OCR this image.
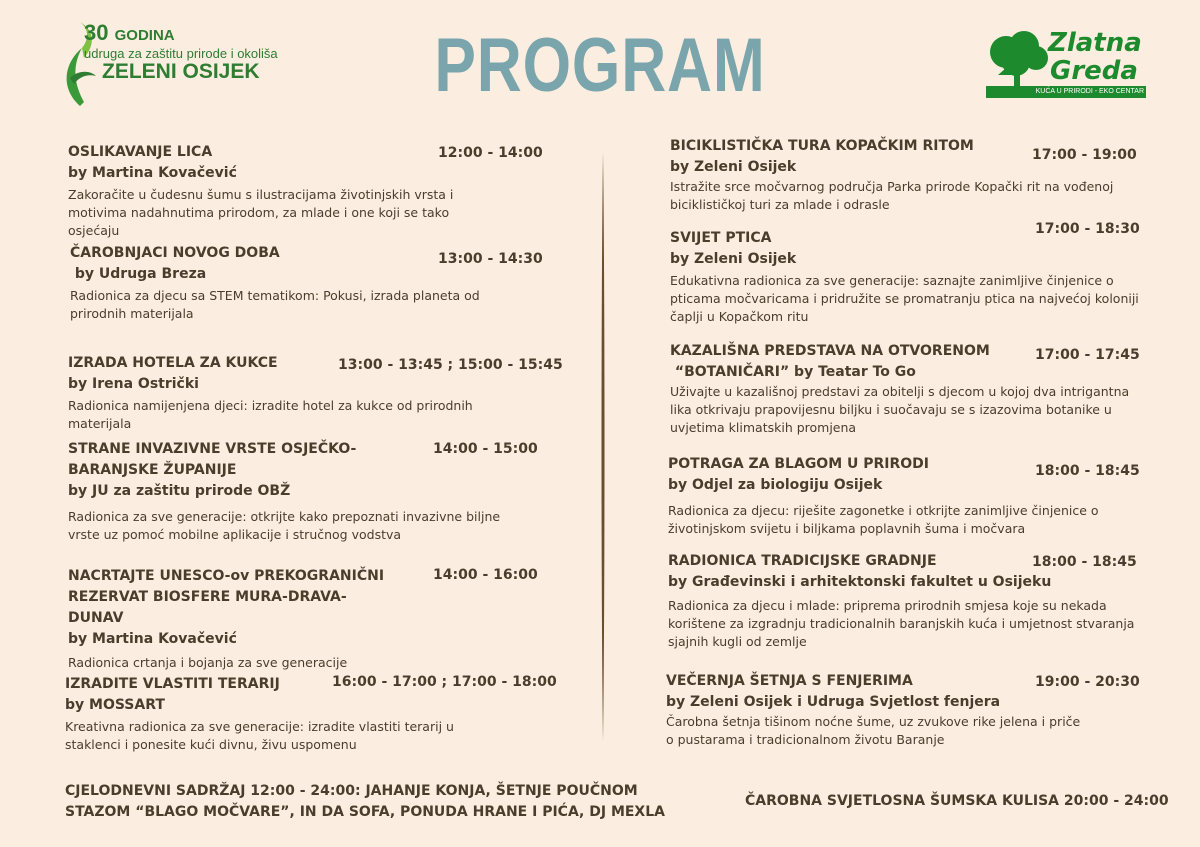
30 GODINA
udruga za zaštitu prirode i okoliša
ZELENI OSIJEK	PROGRAM	Zlatna
Greda
KUĆA U PRIRODI - EKO CENTAR
OSLIKAVANJE LICA
by Martina Kovačević
Zakoračite u čudesnu šumu s ilustracijama životinjskih vrsta i motivima nadahnutima prirodom, za mlade i one koji se tako osjećaju
12:00 - 14:00
ČAROBNJACI NOVOG DOBA
by Udruga Breza
Radionica za djecu sa STEM tematikom: Pokusi, izrada planeta od prirodnih materijala
13:00 - 14:30
IZRADA HOTELA ZA KUKCE
by Irena Ostrički
Radionica namijenjena djeci: izradite hotel za kukce od prirodnih materijala
13:00 - 13:45 ; 15:00 - 15:45
STRANE INVAZIVNE VRSTE OSJEČKO-BARANJSKE ŽUPANIJE
by JU za zaštitu prirode OBŽ
Radionica za sve generacije: otkrijte kako prepoznati invazivne biljne vrste uz pomoć mobilne aplikacije i stručnog vodstva
14:00 - 15:00
NACRTAJTE UNESCO-ov PREKOGRANIČNI REZERVAT BIOSFERE MURA-DRAVA-DUNAV
by Martina Kovačević
Radionica crtanja i bojanja za sve generacije
14:00 - 16:00
IZRADITE VLASTITI TERARIJ
by MOSSART
Kreativna radionica za sve generacije: izradite vlastiti terarij u staklenci i ponesite kući divnu, živu uspomenu
16:00 - 17:00 ; 17:00 - 18:00
BICIKLISTIČKA TURA KOPAČKIM RITOM
by Zeleni Osijek
Istražite srce močvarnog područja Parka prirode Kopački rit na vođenoj biciklističkoj turi za mlade i odrasle
17:00 - 19:00
SVIJET PTICA
by Zeleni Osijek
Edukativna radionica za sve generacije: saznajte zanimljive činjenice o pticama močvaricama i pridružite se promatranju ptica na najvećoj koloniji čaplji u Kopačkom ritu
17:00 - 18:30
KAZALIŠNA PREDSTAVA NA OTVORENOM
“BOTANIČARI” by Teatar To Go
Uživajte u kazališnoj predstavi za obitelji s djecom u kojoj dva intrigantna lika otkrivaju prapovijesnu biljku i suočavaju se s izazovima botanike u uvjetima klimatskih promjena
17:00 - 17:45
POTRAGA ZA BLAGOM U PRIRODI
by Odjel za biologiju Osijek
Radionica za djecu: riješite zagonetke i otkrijte zanimljive činjenice o životinjskom svijetu i biljkama poplavnih šuma i močvara
18:00 - 18:45
RADIONICA TRADICIJSKE GRADNJE
by Građevinski i arhitektonski fakultet u Osijeku
Radionica za djecu i mlade: priprema prirodnih smjesa koje su nekada korištene za izgradnju tradicionalnih baranjskih kuća i umjetnost stvaranja sjajnih kugli od zemlje
18:00 - 18:45
VEČERNJA ŠETNJA S FENJERIMA
by Zeleni Osijek i Udruga Svjetlost fenjera
Čarobna šetnja tišinom noćne šume, uz zvukove rike jelena i priče o pustarama i tradicionalnom životu Baranje
19:00 - 20:30
CJELODNEVNI SADRŽAJ 12:00 - 24:00: JAHANJE KONJA, ŠETNJE POUČNOM STAZOM “BLAGO MOČVARE”, IN DA SOFA, PONUDA HRANE I PIĆA, DJ MEXLA
ČAROBNA SVJETLOSNA ŠUMSKA KULISA 20:00 - 24:00
